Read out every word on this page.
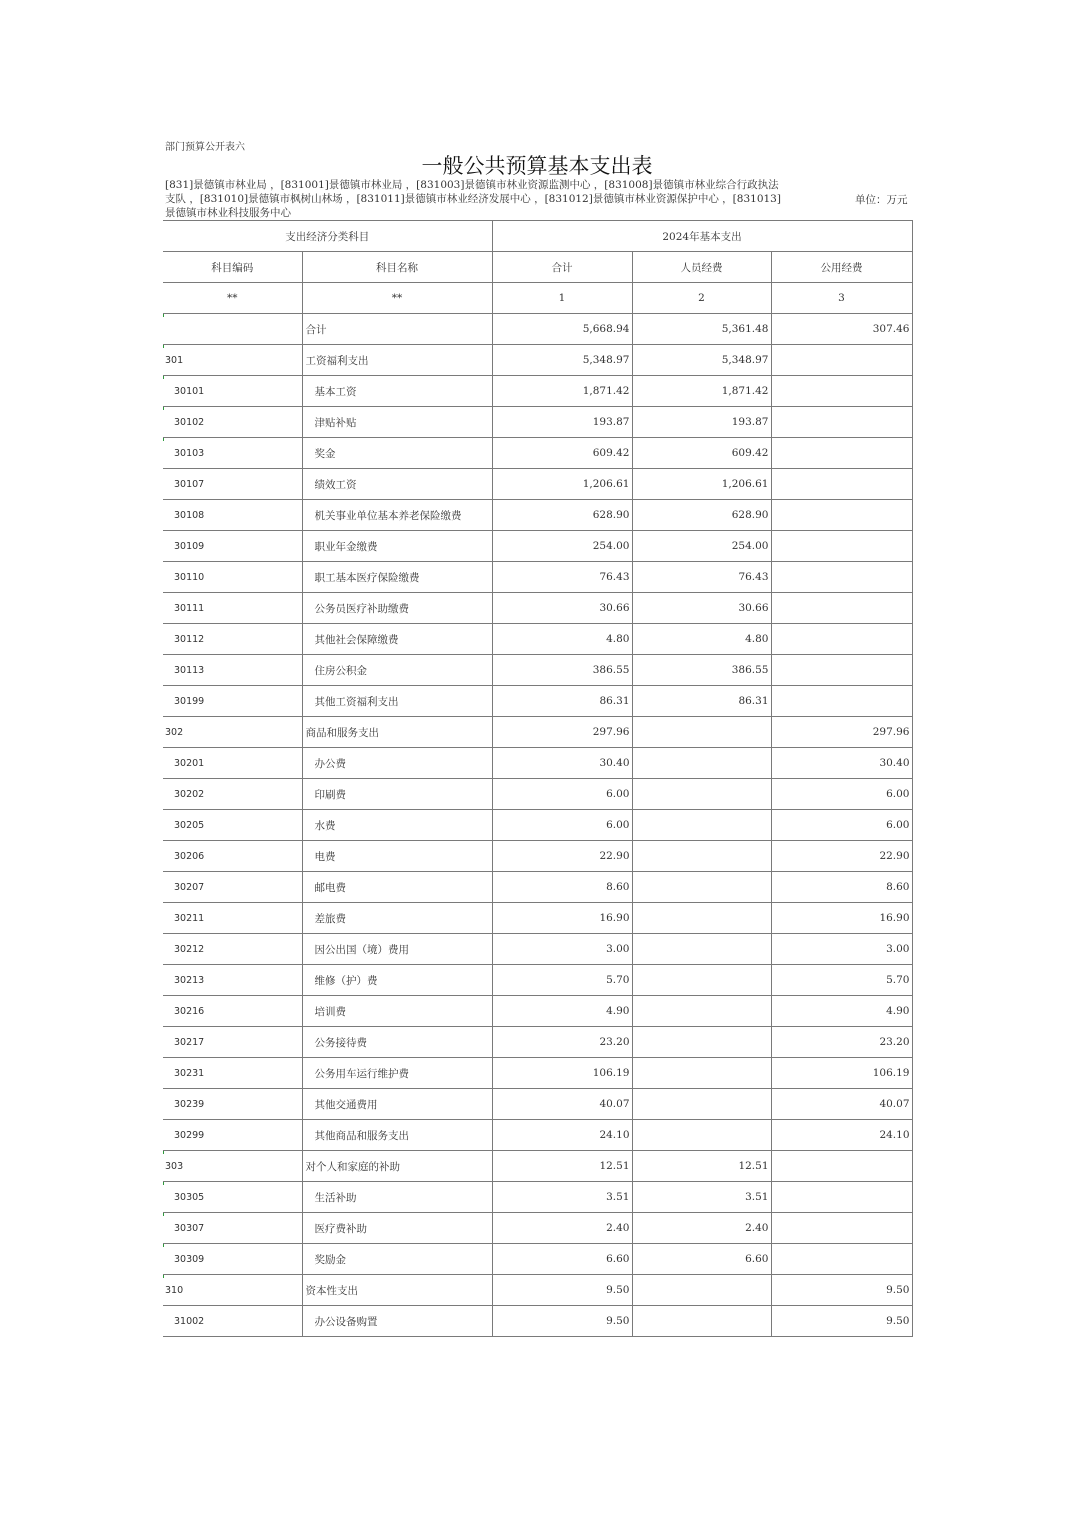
部门预算公开表六
一般公共预算基本支出表
[831]景德镇市林业局 ，[831001]景德镇市林业局 ，[831003]景德镇市林业资源监测中心 ，[831008]景德镇市林业综合行政执法支队 ，[831010]景德镇市枫树山林场 ，[831011]景德镇市林业经济发展中心 ，[831012]景德镇市林业资源保护中心 ，[831013]景德镇市林业科技服务中心
单位：万元
支出经济分类科目		2024年基本支出		
科目编码	科目名称	合计	人员经费	公用经费
**	**	1	2	3

	合计	5,668.94	5,361.48	307.46
301	工资福利支出	5,348.97	5,348.97	
30101	基本工资	1,871.42	1,871.42	
30102	津贴补贴	193.87	193.87	
30103	奖金	609.42	609.42	
30107	绩效工资	1,206.61	1,206.61	
30108	机关事业单位基本养老保险缴费	628.90	628.90	
30109	职业年金缴费	254.00	254.00	
30110	职工基本医疗保险缴费	76.43	76.43	
30111	公务员医疗补助缴费	30.66	30.66	
30112	其他社会保障缴费	4.80	4.80	
30113	住房公积金	386.55	386.55	
30199	其他工资福利支出	86.31	86.31	
302	商品和服务支出	297.96		297.96
30201	办公费	30.40		30.40
30202	印刷费	6.00		6.00
30205	水费	6.00		6.00
30206	电费	22.90		22.90
30207	邮电费	8.60		8.60
30211	差旅费	16.90		16.90
30212	因公出国（境）费用	3.00		3.00
30213	维修（护）费	5.70		5.70
30216	培训费	4.90		4.90
30217	公务接待费	23.20		23.20
30231	公务用车运行维护费	106.19		106.19
30239	其他交通费用	40.07		40.07
30299	其他商品和服务支出	24.10		24.10
303	对个人和家庭的补助	12.51	12.51	
30305	生活补助	3.51	3.51	
30307	医疗费补助	2.40	2.40	
30309	奖励金	6.60	6.60	
310	资本性支出	9.50		9.50
31002	办公设备购置	9.50		9.50
